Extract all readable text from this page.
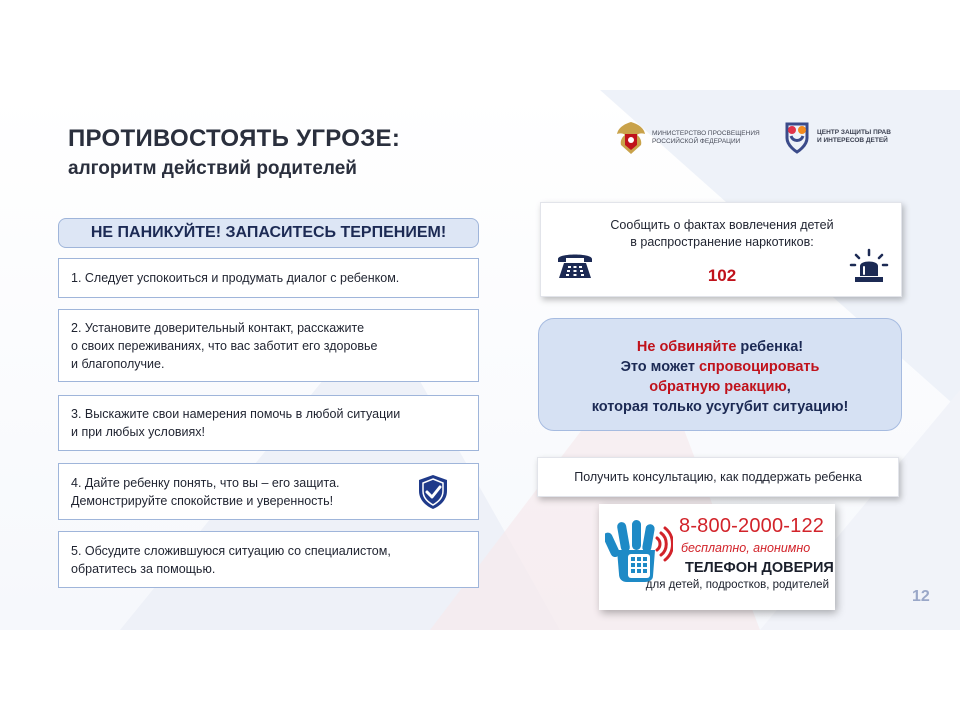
ПРОТИВОСТОЯТЬ УГРОЗЕ:
алгоритм действий родителей
МИНИСТЕРСТВО ПРОСВЕЩЕНИЯ
РОССИЙСКОЙ ФЕДЕРАЦИИ
ЦЕНТР ЗАЩИТЫ ПРАВ
И ИНТЕРЕСОВ ДЕТЕЙ
НЕ ПАНИКУЙТЕ! ЗАПАСИТЕСЬ ТЕРПЕНИЕМ!
1. Следует успокоиться и продумать диалог с ребенком.
2. Установите доверительный контакт, расскажите
о своих переживаниях, что вас заботит его здоровье
и благополучие.
3. Выскажите свои намерения помочь в любой ситуации
и при любых условиях!
4. Дайте ребенку понять, что вы – его защита.
Демонстрируйте спокойствие и уверенность!
5. Обсудите сложившуюся ситуацию со специалистом,
обратитесь за помощью.
Сообщить о фактах вовлечения детей
в распространение наркотиков:
102
Не обвиняйте ребенка!
Это может спровоцировать
обратную реакцию,
которая только усугубит ситуацию!
Получить консультацию, как поддержать ребенка
8-800-2000-122
бесплатно, анонимно
ТЕЛЕФОН ДОВЕРИЯ
для детей, подростков, родителей
12
